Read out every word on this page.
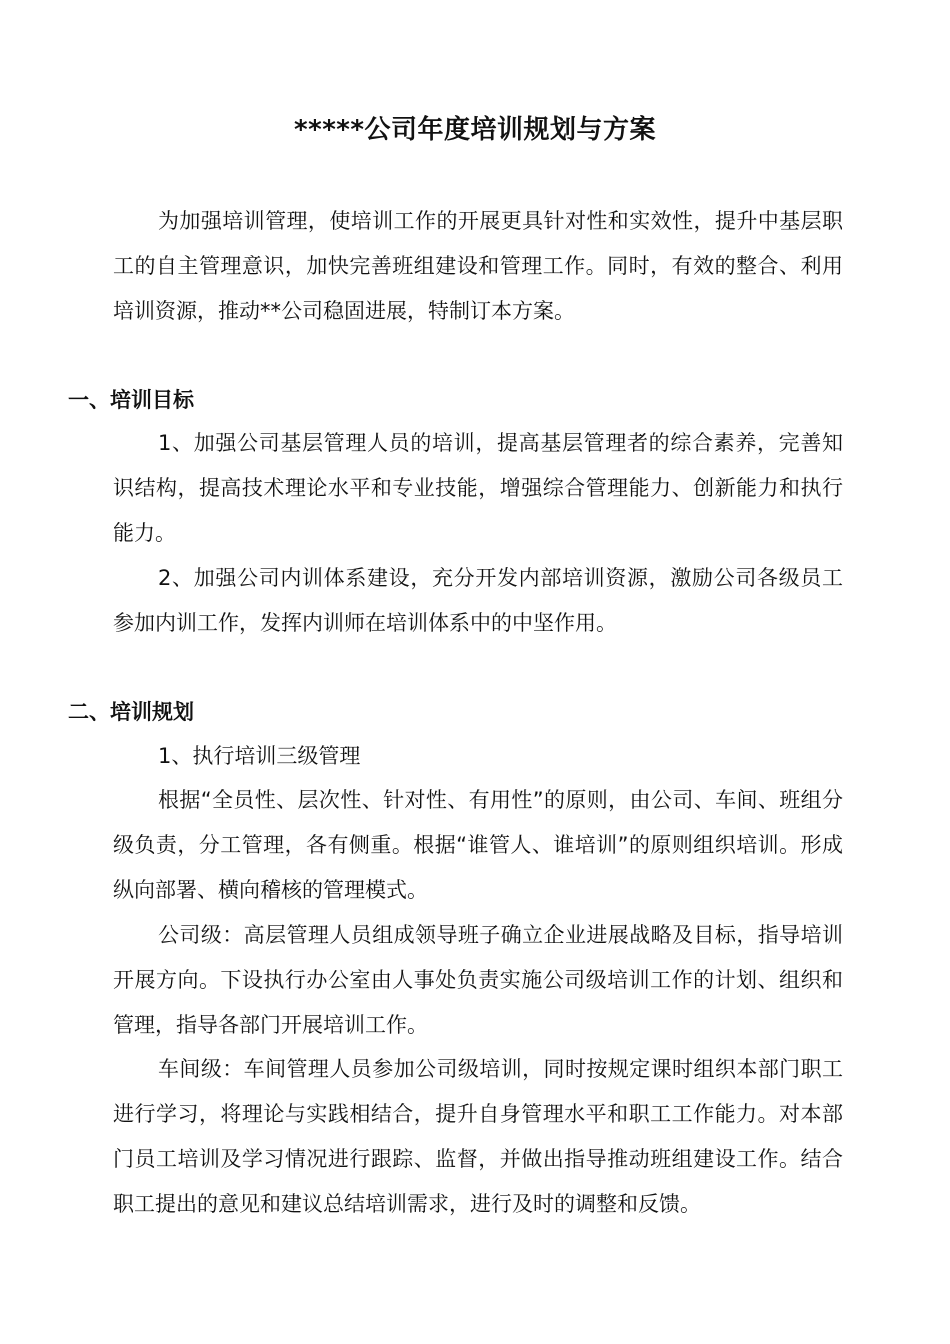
*****公司年度培训规划与方案

为加强培训管理，使培训工作的开展更具针对性和实效性，提升中基层职工的自主管理意识，加快完善班组建设和管理工作。同时，有效的整合、利用培训资源，推动**公司稳固进展，特制订本方案。

一、培训目标

1、加强公司基层管理人员的培训，提高基层管理者的综合素养，完善知识结构，提高技术理论水平和专业技能，增强综合管理能力、创新能力和执行能力。

2、加强公司内训体系建设，充分开发内部培训资源，激励公司各级员工参加内训工作，发挥内训师在培训体系中的中坚作用。

二、培训规划

1、执行培训三级管理

根据“全员性、层次性、针对性、有用性”的原则，由公司、车间、班组分级负责，分工管理，各有侧重。根据“谁管人、谁培训”的原则组织培训。形成纵向部署、横向稽核的管理模式。

公司级：高层管理人员组成领导班子确立企业进展战略及目标，指导培训开展方向。下设执行办公室由人事处负责实施公司级培训工作的计划、组织和管理，指导各部门开展培训工作。

车间级：车间管理人员参加公司级培训，同时按规定课时组织本部门职工进行学习，将理论与实践相结合，提升自身管理水平和职工工作能力。对本部门员工培训及学习情况进行跟踪、监督，并做出指导推动班组建设工作。结合职工提出的意见和建议总结培训需求，进行及时的调整和反馈。
